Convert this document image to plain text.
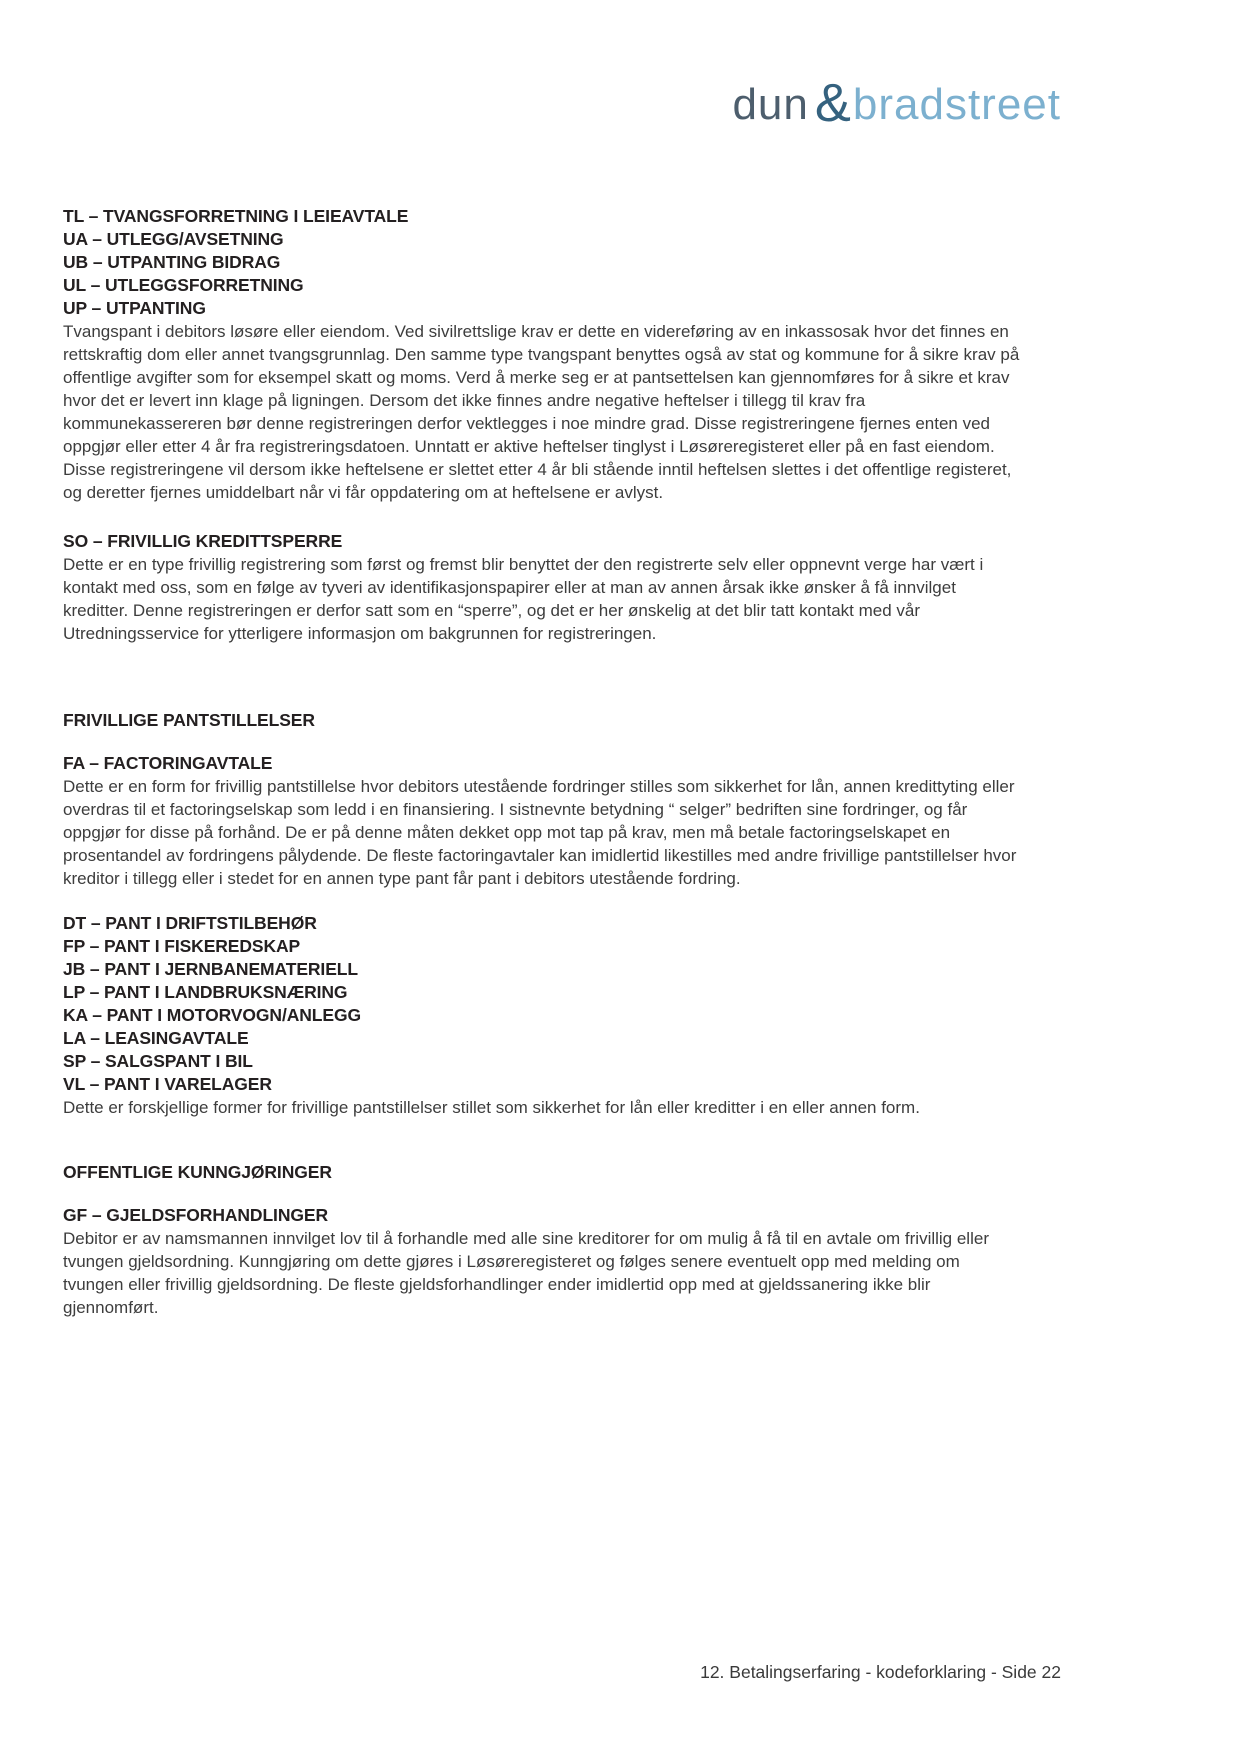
dun & bradstreet
TL – TVANGSFORRETNING I LEIEAVTALE
UA – UTLEGG/AVSETNING
UB – UTPANTING BIDRAG
UL – UTLEGGSFORRETNING
UP – UTPANTING

Tvangspant i debitors løsøre eller eiendom. Ved sivilrettslige krav er dette en videreføring av en inkassosak hvor det finnes en rettskraftig dom eller annet tvangsgrunnlag. Den samme type tvangspant benyttes også av stat og kommune for å sikre krav på offentlige avgifter som for eksempel skatt og moms. Verd å merke seg er at pantsettelsen kan gjennomføres for å sikre et krav hvor det er levert inn klage på ligningen. Dersom det ikke finnes andre negative heftelser i tillegg til krav fra kommunekassereren bør denne registreringen derfor vektlegges i noe mindre grad. Disse registreringene fjernes enten ved oppgjør eller etter 4 år fra registreringsdatoen. Unntatt er aktive heftelser tinglyst i Løsøreregisteret eller på en fast eiendom. Disse registreringene vil dersom ikke heftelsene er slettet etter 4 år bli stående inntil heftelsen slettes i det offentlige registeret, og deretter fjernes umiddelbart når vi får oppdatering om at heftelsene er avlyst.

SO – FRIVILLIG KREDITTSPERRE

Dette er en type frivillig registrering som først og fremst blir benyttet der den registrerte selv eller oppnevnt verge har vært i kontakt med oss, som en følge av tyveri av identifikasjonspapirer eller at man av annen årsak ikke ønsker å få innvilget kreditter. Denne registreringen er derfor satt som en “sperre”, og det er her ønskelig at det blir tatt kontakt med vår Utredningsservice for ytterligere informasjon om bakgrunnen for registreringen.

FRIVILLIGE PANTSTILLELSER
FA – FACTORINGAVTALE

Dette er en form for frivillig pantstillelse hvor debitors utestående fordringer stilles som sikkerhet for lån, annen kredittyting eller overdras til et factoringselskap som ledd i en finansiering. I sistnevnte betydning “ selger” bedriften sine fordringer, og får oppgjør for disse på forhånd. De er på denne måten dekket opp mot tap på krav, men må betale factoringselskapet en prosentandel av fordringens pålydende. De fleste factoringavtaler kan imidlertid likestilles med andre frivillige pantstillelser hvor kreditor i tillegg eller i stedet for en annen type pant får pant i debitors utestående fordring.

DT – PANT I DRIFTSTILBEHØR
FP – PANT I FISKEREDSKAP
JB – PANT I JERNBANEMATERIELL
LP – PANT I LANDBRUKSNÆRING
KA – PANT I MOTORVOGN/ANLEGG
LA – LEASINGAVTALE
SP – SALGSPANT I BIL
VL – PANT I VARELAGER

Dette er forskjellige former for frivillige pantstillelser stillet som sikkerhet for lån eller kreditter i en eller annen form.

OFFENTLIGE KUNNGJØRINGER
GF – GJELDSFORHANDLINGER

Debitor er av namsmannen innvilget lov til å forhandle med alle sine kreditorer for om mulig å få til en avtale om frivillig eller tvungen gjeldsordning. Kunngjøring om dette gjøres i Løsøreregisteret og følges senere eventuelt opp med melding om tvungen eller frivillig gjeldsordning. De fleste gjeldsforhandlinger ender imidlertid opp med at gjeldssanering ikke blir gjennomført.

12. Betalingserfaring - kodeforklaring - Side 22
